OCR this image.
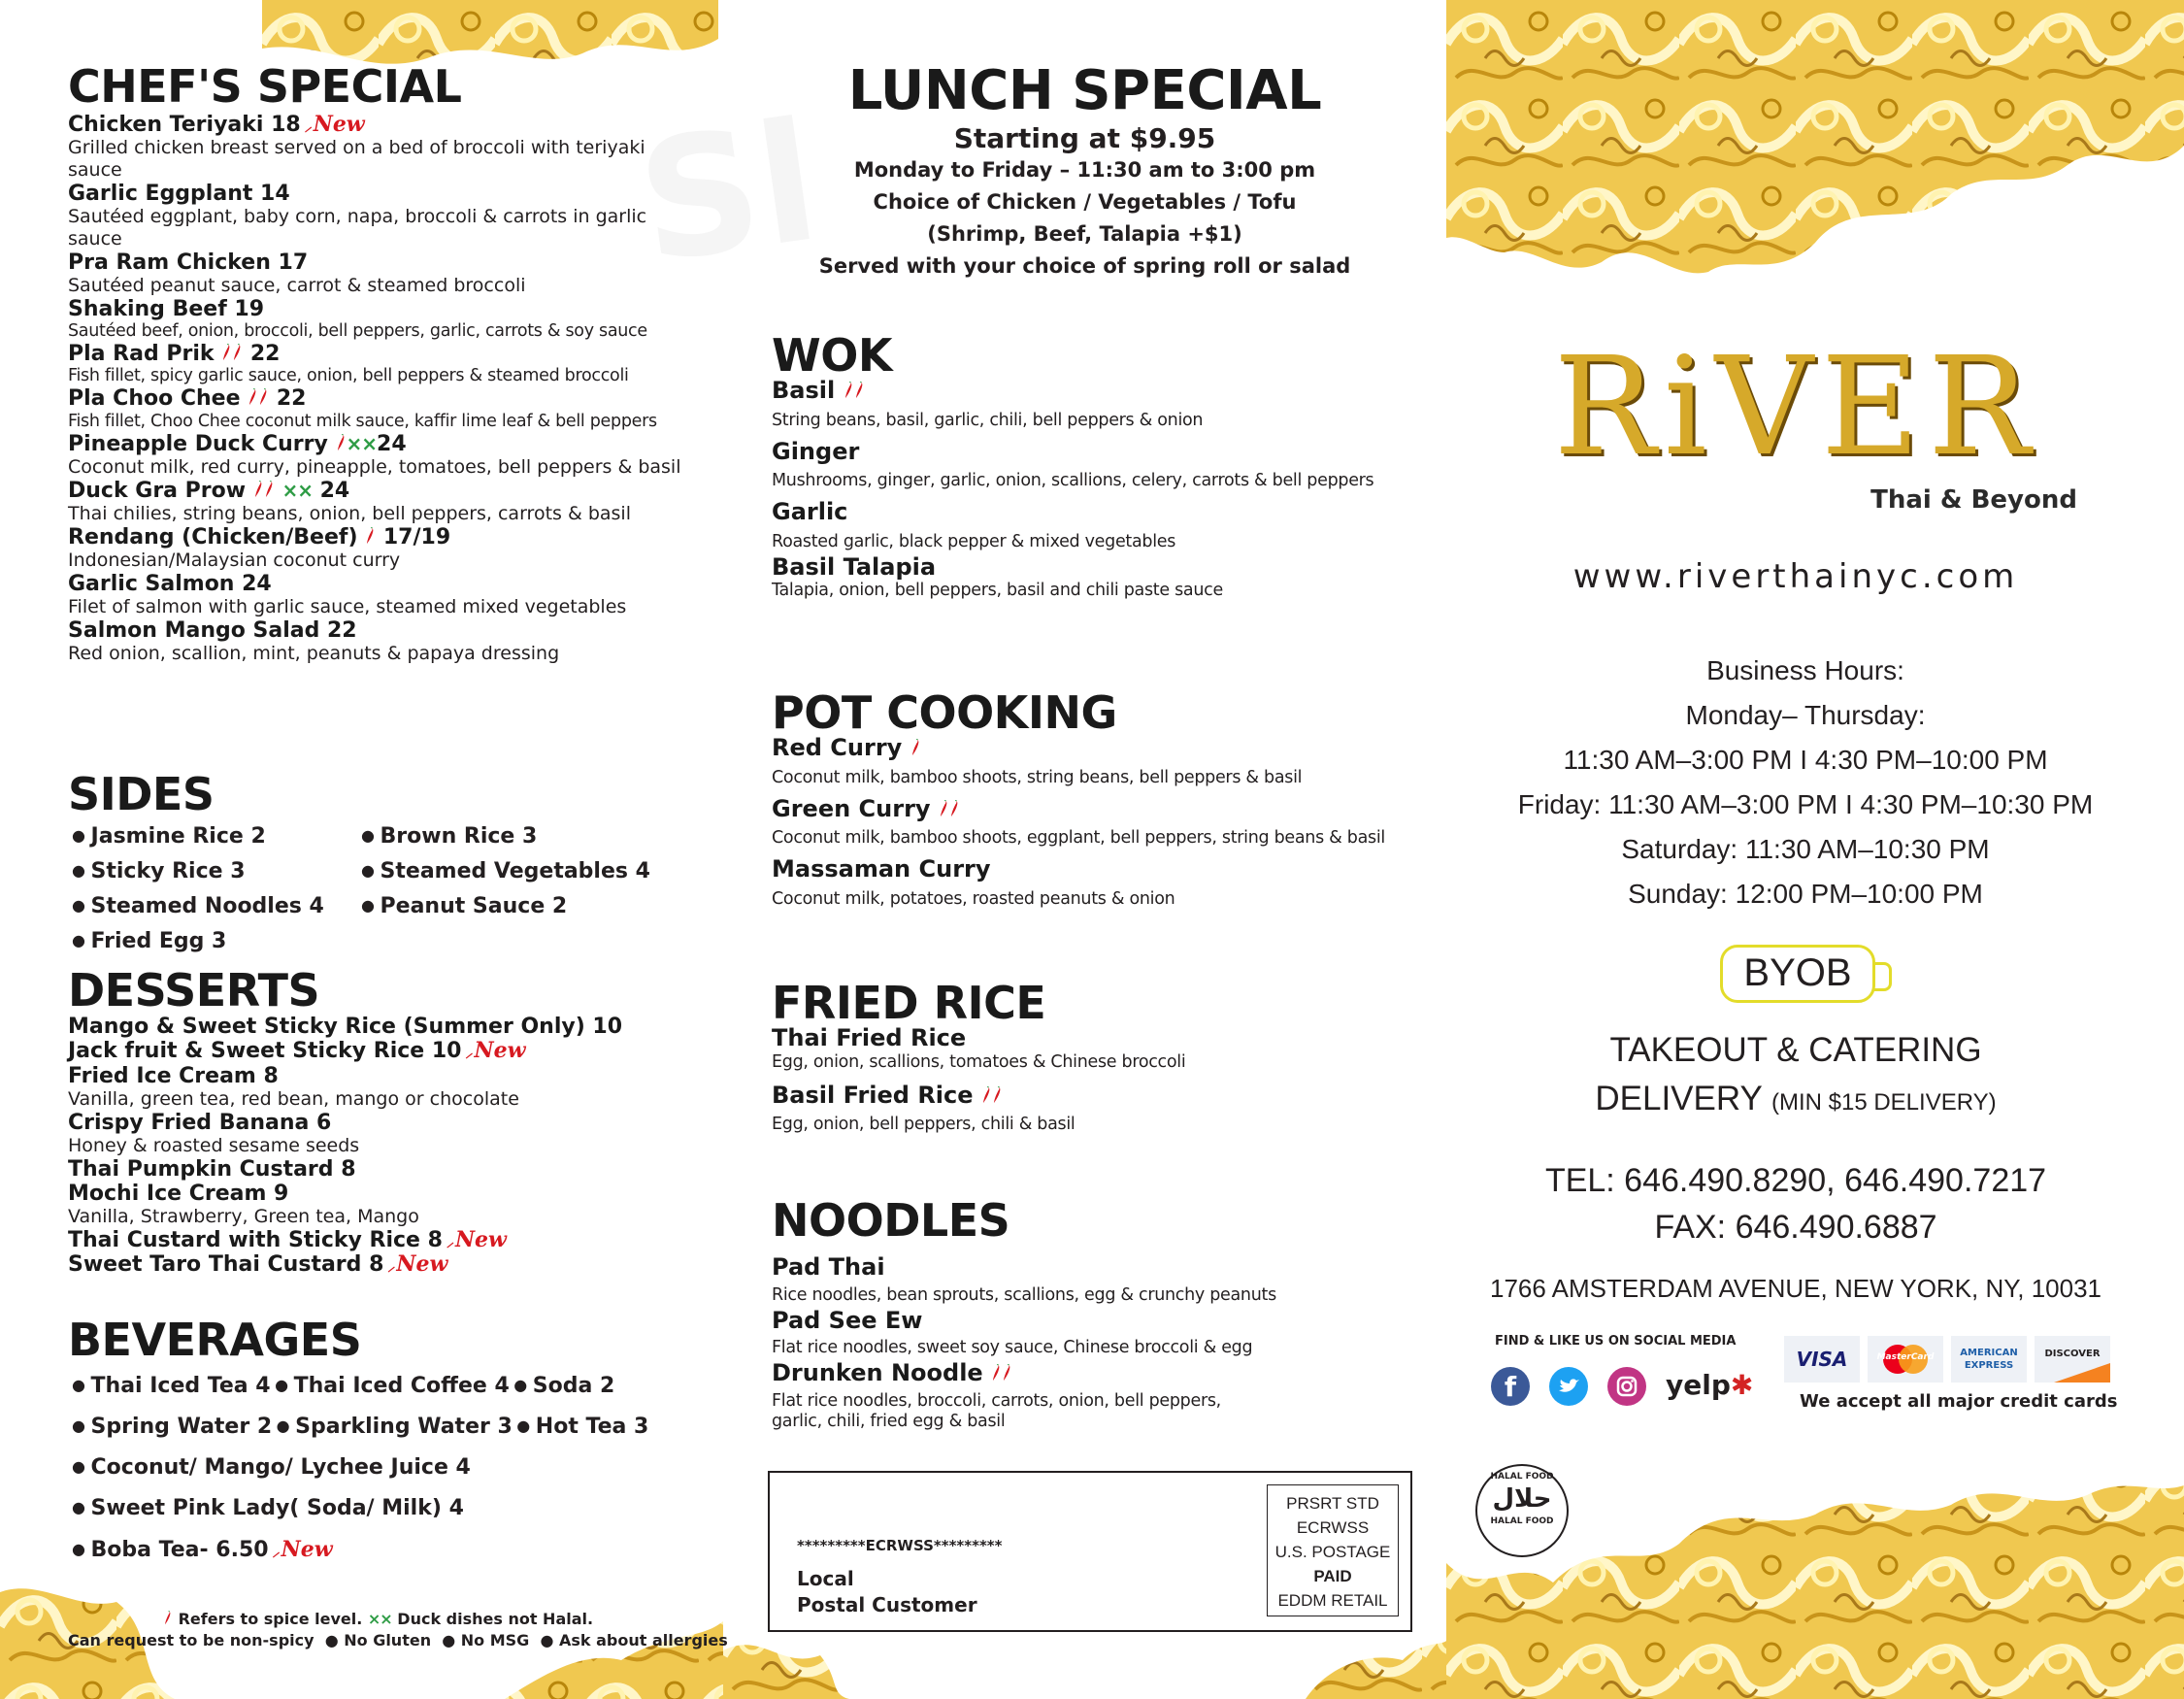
CHEF'S SPECIAL
Chicken Teriyaki 18 ⸝ New
Grilled chicken breast served on a bed of broccoli with teriyaki sauce
Garlic Eggplant 14
Sautéed eggplant, baby corn, napa, broccoli & carrots in garlic sauce
Pra Ram Chicken 17
Sautéed peanut sauce, carrot & steamed broccoli
Shaking Beef 19
Sautéed beef, onion, broccoli, bell peppers, garlic, carrots & soy sauce
Pla Rad Prik 22
Fish fillet, spicy garlic sauce, onion, bell peppers & steamed broccoli
Pla Choo Chee 22
Fish fillet, Choo Chee coconut milk sauce, kaffir lime leaf & bell peppers
Pineapple Duck Curry ××24
Coconut milk, red curry, pineapple, tomatoes, bell peppers & basil
Duck Gra Prow ×× 24
Thai chilies, string beans, onion, bell peppers, carrots & basil
Rendang (Chicken/Beef) 17/19
Indonesian/Malaysian coconut curry
Garlic Salmon 24
Filet of salmon with garlic sauce, steamed mixed vegetables
Salmon Mango Salad 22
Red onion, scallion, mint, peanuts & papaya dressing
SIDES
● Jasmine Rice 2	● Brown Rice 3
● Sticky Rice 3	● Steamed Vegetables 4
● Steamed Noodles 4	● Peanut Sauce 2
● Fried Egg 3
DESSERTS
Mango & Sweet Sticky Rice (Summer Only) 10
Jack fruit & Sweet Sticky Rice 10 ⸝ New
Fried Ice Cream 8
Vanilla, green tea, red bean, mango or chocolate
Crispy Fried Banana 6
Honey & roasted sesame seeds
Thai Pumpkin Custard 8
Mochi Ice Cream 9
Vanilla, Strawberry, Green tea, Mango
Thai Custard with Sticky Rice 8 ⸝ New
Sweet Taro Thai Custard 8 ⸝ New
BEVERAGES
● Thai Iced Tea 4 ● Thai Iced Coffee 4 ● Soda 2
● Spring Water 2 ● Sparkling Water 3 ● Hot Tea 3
● Coconut/ Mango/ Lychee Juice 4
● Sweet Pink Lady( Soda/ Milk) 4
● Boba Tea- 6.50 ⸝ New
Refers to spice level. ×× Duck dishes not Halal.
Can request to be non-spicy  ● No Gluten  ● No MSG  ● Ask about allergies
LUNCH SPECIAL
Starting at $9.95
Monday to Friday – 11:30 am to 3:00 pm
Choice of Chicken / Vegetables / Tofu
(Shrimp, Beef, Talapia +$1)
Served with your choice of spring roll or salad
WOK
Basil
String beans, basil, garlic, chili, bell peppers & onion
Ginger
Mushrooms, ginger, garlic, onion, scallions, celery, carrots & bell peppers
Garlic
Roasted garlic, black pepper & mixed vegetables
Basil Talapia
Talapia, onion, bell peppers, basil and chili paste sauce
POT COOKING
Red Curry
Coconut milk, bamboo shoots, string beans, bell peppers & basil
Green Curry
Coconut milk, bamboo shoots, eggplant, bell peppers, string beans & basil
Massaman Curry
Coconut milk, potatoes, roasted peanuts & onion
FRIED RICE
Thai Fried Rice
Egg, onion, scallions, tomatoes & Chinese broccoli
Basil Fried Rice
Egg, onion, bell peppers, chili & basil
NOODLES
Pad Thai
Rice noodles, bean sprouts, scallions, egg & crunchy peanuts
Pad See Ew
Flat rice noodles, sweet soy sauce, Chinese broccoli & egg
Drunken Noodle
Flat rice noodles, broccoli, carrots, onion, bell peppers,
garlic, chili, fried egg & basil
*********ECRWSS*********
Local
Postal Customer
PRSRT STD
ECRWSS
U.S. POSTAGE
PAID
EDDM RETAIL
RiVER
Thai & Beyond
www.riverthainyc.com
Business Hours:
Monday– Thursday:
11:30 AM–3:00 PM I 4:30 PM–10:00 PM
Friday: 11:30 AM–3:00 PM I 4:30 PM–10:30 PM
Saturday: 11:30 AM–10:30 PM
Sunday: 12:00 PM–10:00 PM
BYOB
TAKEOUT & CATERING
DELIVERY (MIN $15 DELIVERY)
TEL: 646.490.8290, 646.490.7217
FAX: 646.490.6887
1766 AMSTERDAM AVENUE, NEW YORK, NY, 10031
FIND & LIKE US ON SOCIAL MEDIA
f	yelp✱
VISA	MasterCard	AMERICAN EXPRESS
DISCOVER
We accept all major credit cards
HALAL FOOD
حلال
HALAL FOOD
Sl
